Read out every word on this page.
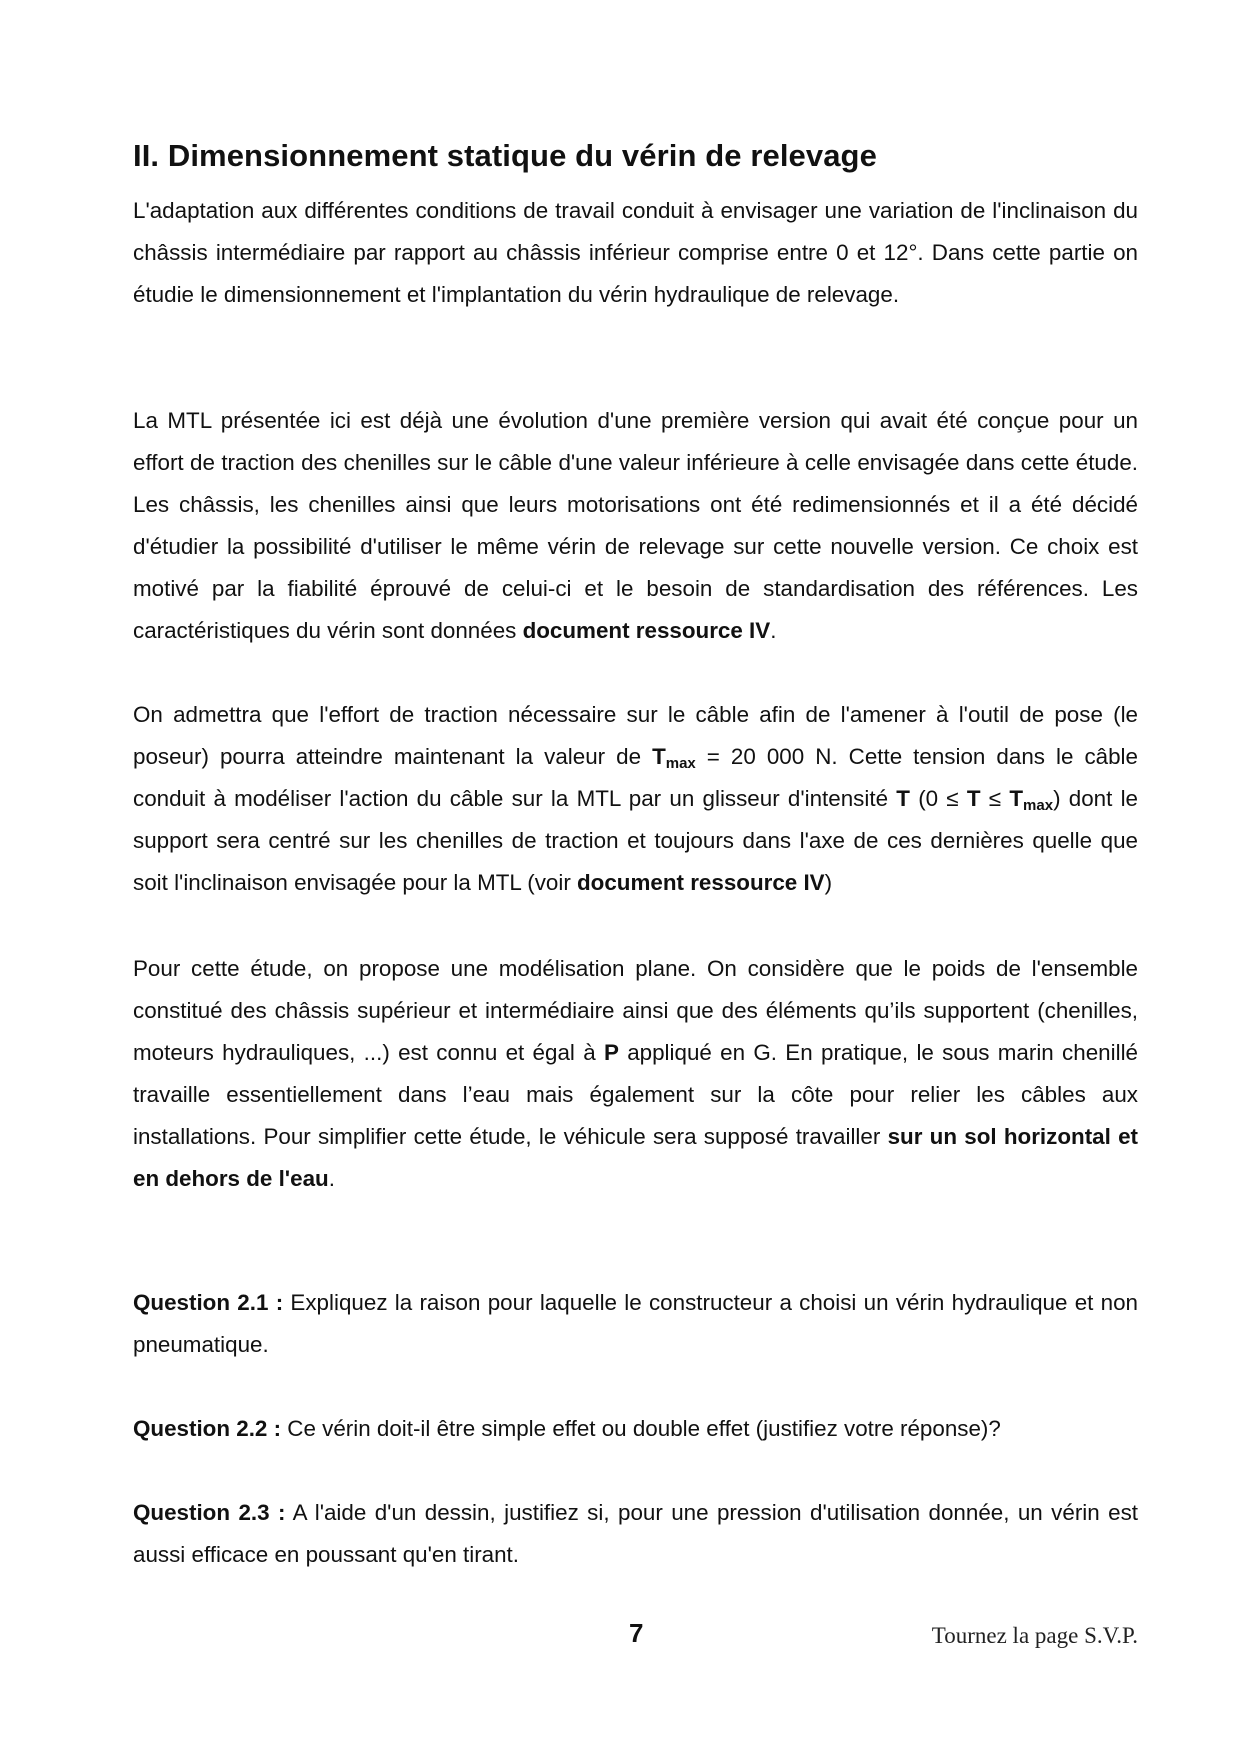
II. Dimensionnement statique du vérin de relevage

L'adaptation aux différentes conditions de travail conduit à envisager une variation de l'inclinaison du châssis intermédiaire par rapport au châssis inférieur comprise entre 0 et 12°. Dans cette partie on étudie le dimensionnement et l'implantation du vérin hydraulique de relevage.

La MTL présentée ici est déjà une évolution d'une première version qui avait été conçue pour un effort de traction des chenilles sur le câble d'une valeur inférieure à celle envisagée dans cette étude. Les châssis, les chenilles ainsi que leurs motorisations ont été redimensionnés et il a été décidé d'étudier la possibilité d'utiliser le même vérin de relevage sur cette nouvelle version. Ce choix est motivé par la fiabilité éprouvé de celui-ci et le besoin de standardisation des références. Les caractéristiques du vérin sont données document ressource IV.

On admettra que l'effort de traction nécessaire sur le câble afin de l'amener à l'outil de pose (le poseur) pourra atteindre maintenant la valeur de $T_{max} = 20$ 000 N. Cette tension dans le câble conduit à modéliser l'action du câble sur la MTL par un glisseur d'intensité T $(0 \le T \le T_{max})$ dont le support sera centré sur les chenilles de traction et toujours dans l'axe de ces dernières quelle que soit l'inclinaison envisagée pour la MTL (voir document ressource IV)

Pour cette étude, on propose une modélisation plane. On considère que le poids de l'ensemble constitué des châssis supérieur et intermédiaire ainsi que des éléments qu’ils supportent (chenilles, moteurs hydrauliques, ...) est connu et égal à P appliqué en G. En pratique, le sous marin chenillé travaille essentiellement dans l’eau mais également sur la côte pour relier les câbles aux installations. Pour simplifier cette étude, le véhicule sera supposé travailler sur un sol horizontal et en dehors de l'eau.

Question 2.1 : Expliquez la raison pour laquelle le constructeur a choisi un vérin hydraulique et non pneumatique.

Question 2.2 : Ce vérin doit-il être simple effet ou double effet (justifiez votre réponse)?

Question 2.3 : A l'aide d'un dessin, justifiez si, pour une pression d'utilisation donnée, un vérin est aussi efficace en poussant qu'en tirant.

7	Tournez la page S.V.P.
